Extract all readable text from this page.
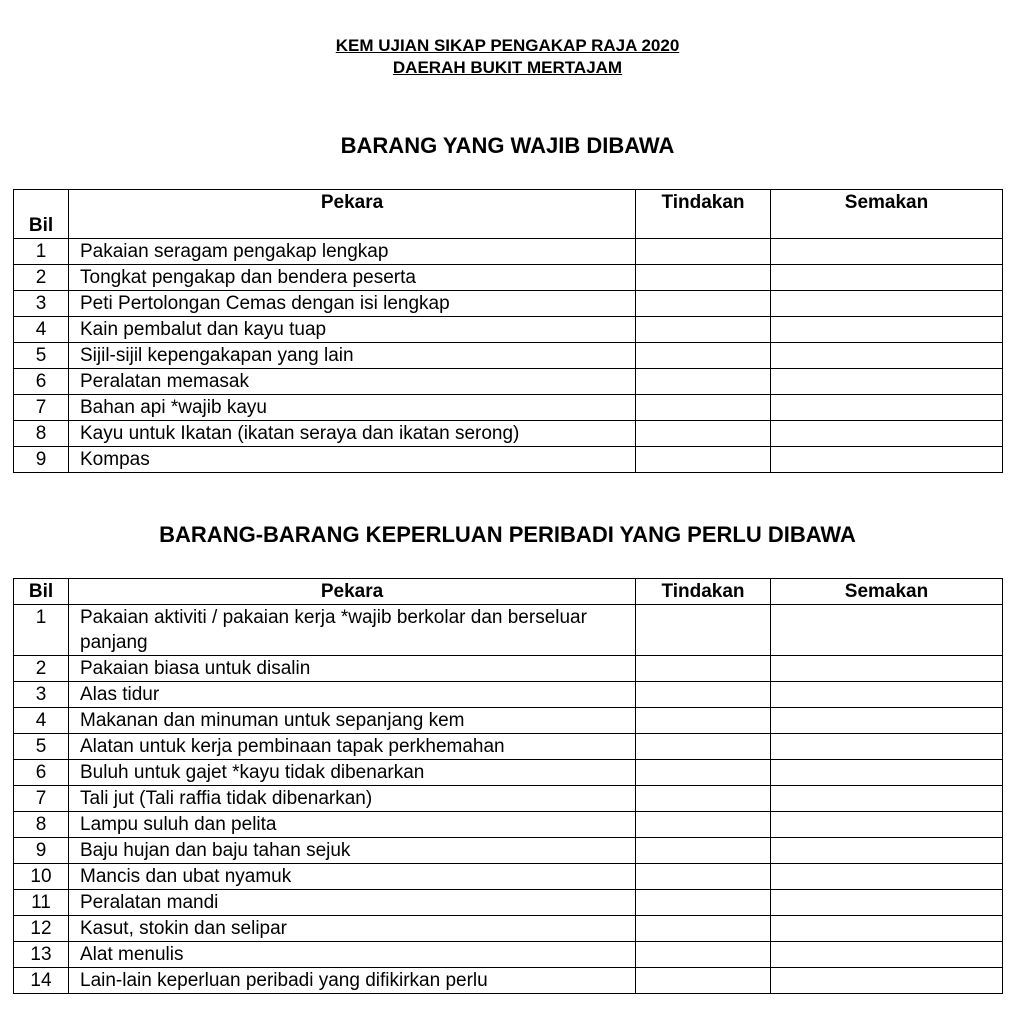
KEM UJIAN SIKAP PENGAKAP RAJA 2020
DAERAH BUKIT MERTAJAM
BARANG YANG WAJIB DIBAWA
Bil	Pekara	Tindakan	Semakan
1	Pakaian seragam pengakap lengkap		
2	Tongkat pengakap dan bendera peserta		
3	Peti Pertolongan Cemas dengan isi lengkap		
4	Kain pembalut dan kayu tuap		
5	Sijil-sijil kepengakapan yang lain		
6	Peralatan memasak		
7	Bahan api *wajib kayu		
8	Kayu untuk Ikatan (ikatan seraya dan ikatan serong)		
9	Kompas		
BARANG-BARANG KEPERLUAN PERIBADI YANG PERLU DIBAWA
Bil	Pekara	Tindakan	Semakan
1	Pakaian aktiviti / pakaian kerja *wajib berkolar dan berseluar panjang		
2	Pakaian biasa untuk disalin		
3	Alas tidur		
4	Makanan dan minuman untuk sepanjang kem		
5	Alatan untuk kerja pembinaan tapak perkhemahan		
6	Buluh untuk gajet *kayu tidak dibenarkan		
7	Tali jut (Tali raffia tidak dibenarkan)		
8	Lampu suluh dan pelita		
9	Baju hujan dan baju tahan sejuk		
10	Mancis dan ubat nyamuk		
11	Peralatan mandi		
12	Kasut, stokin dan selipar		
13	Alat menulis		
14	Lain-lain keperluan peribadi yang difikirkan perlu		
